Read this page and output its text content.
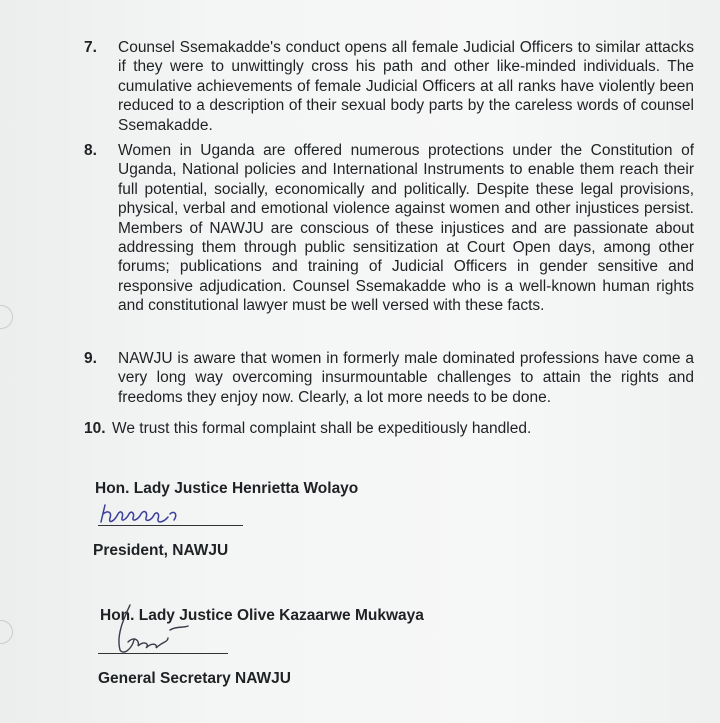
7. Counsel Ssemakadde's conduct opens all female Judicial Officers to similar attacks if they were to unwittingly cross his path and other like-minded individuals. The cumulative achievements of female Judicial Officers at all ranks have violently been reduced to a description of their sexual body parts by the careless words of counsel Ssemakadde.
8. Women in Uganda are offered numerous protections under the Constitution of Uganda, National policies and International Instruments to enable them reach their full potential, socially, economically and politically. Despite these legal provisions, physical, verbal and emotional violence against women and other injustices persist. Members of NAWJU are conscious of these injustices and are passionate about addressing them through public sensitization at Court Open days, among other forums; publications and training of Judicial Officers in gender sensitive and responsive adjudication. Counsel Ssemakadde who is a well-known human rights and constitutional lawyer must be well versed with these facts.
9. NAWJU is aware that women in formerly male dominated professions have come a very long way overcoming insurmountable challenges to attain the rights and freedoms they enjoy now. Clearly, a lot more needs to be done.
10. We trust this formal complaint shall be expeditiously handled.
Hon. Lady Justice Henrietta Wolayo
President, NAWJU
Hon. Lady Justice Olive Kazaarwe Mukwaya
General Secretary NAWJU
